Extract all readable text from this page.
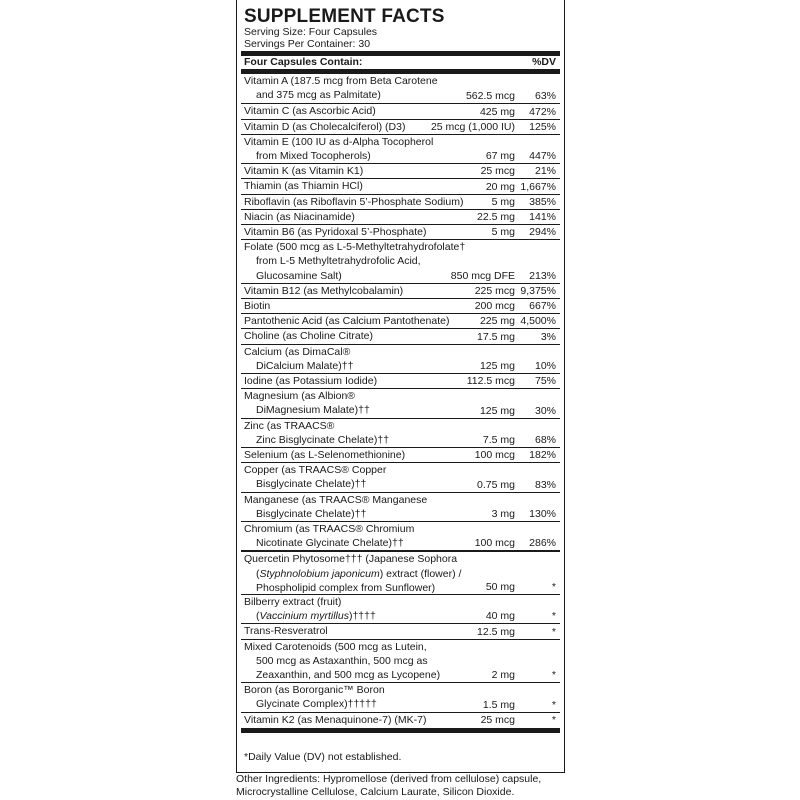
SUPPLEMENT FACTS
Serving Size: Four Capsules
Servings Per Container: 30
Four Capsules Contain:	%DV
Vitamin A (187.5 mcg from Beta Carotene
and 375 mcg as Palmitate)	562.5 mcg 63%
Vitamin C (as Ascorbic Acid)	425 mg 472%
Vitamin D (as Cholecalciferol) (D3) 25 mcg (1,000 IU) 125%
Vitamin E (100 IU as d-Alpha Tocopherol
from Mixed Tocopherols)	67 mg 447%
Vitamin K (as Vitamin K1)	25 mcg 21%
Thiamin (as Thiamin HCl)	20 mg 1,667%
Riboflavin (as Riboflavin 5’-Phosphate Sodium)	5 mg 385%
Niacin (as Niacinamide)	22.5 mg 141%
Vitamin B6 (as Pyridoxal 5’-Phosphate)	5 mg 294%
Folate (500 mcg as L-5-Methyltetrahydrofolate†
from L-5 Methyltetrahydrofolic Acid,
Glucosamine Salt)	850 mcg DFE 213%
Vitamin B12 (as Methylcobalamin)	225 mcg 9,375%
Biotin	200 mcg 667%
Pantothenic Acid (as Calcium Pantothenate)	225 mg 4,500%
Choline (as Choline Citrate)	17.5 mg 3%
Calcium (as DimaCal®
DiCalcium Malate)††	125 mg 10%
Iodine (as Potassium Iodide)	112.5 mcg 75%
Magnesium (as Albion®
DiMagnesium Malate)††	125 mg 30%
Zinc (as TRAACS®
Zinc Bisglycinate Chelate)††	7.5 mg 68%
Selenium (as L-Selenomethionine)	100 mcg 182%
Copper (as TRAACS® Copper
Bisglycinate Chelate)††	0.75 mg 83%
Manganese (as TRAACS® Manganese
Bisglycinate Chelate)††	3 mg 130%
Chromium (as TRAACS® Chromium
Nicotinate Glycinate Chelate)††	100 mcg 286%
Quercetin Phytosome††† (Japanese Sophora
(Styphnolobium japonicum) extract (flower) /
Phospholipid complex from Sunflower)	50 mg	*
Bilberry extract (fruit)
(Vaccinium myrtillus)††††	40 mg	*
Trans-Resveratrol	12.5 mg	*
Mixed Carotenoids (500 mcg as Lutein,
500 mcg as Astaxanthin, 500 mcg as
Zeaxanthin, and 500 mcg as Lycopene)	2 mg	*
Boron (as Bororganic™ Boron
Glycinate Complex)†††††	1.5 mg	*
Vitamin K2 (as Menaquinone-7) (MK-7)	25 mcg	*
*Daily Value (DV) not established.
Other Ingredients: Hypromellose (derived from cellulose) capsule,
Microcrystalline Cellulose, Calcium Laurate, Silicon Dioxide.
